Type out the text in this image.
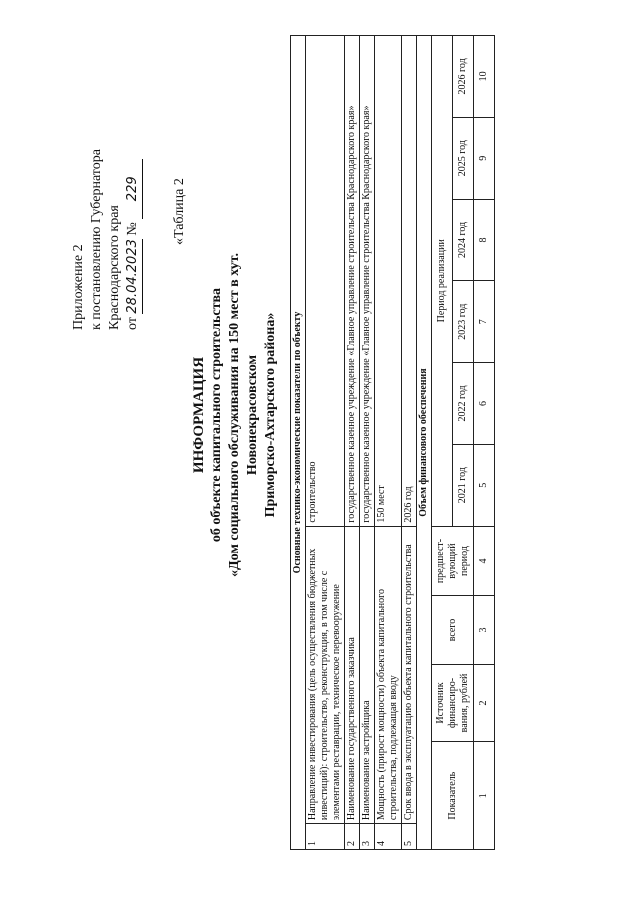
Приложение 2 к постановлению Губернатора Краснодарского края от 28.04.2023 № 229 «Таблица 2
ИНФОРМАЦИЯ об объекте капитального строительства «Дом социального обслуживания на 150 мест в хут. Новонекрасовском Приморско-Ахтарского района» Основные технико-экономические показатели по объекту										
1	Направление инвестирования (цель осуществления бюджетных инвестиций): строительство, реконструкция, в том числе с элементами реставрации, техническое перевооружение				строительство					
2	Наименование государственного заказчика				государственное казенное учреждение «Главное управление строительства Краснодарского края»					
3	Наименование застройщика				государственное казенное учреждение «Главное управление строительства Краснодарского края»					
4	Мощность (прирост мощности) объекта капитального строительства, подлежащая вводу				150 мест					
5	Срок ввода в эксплуатацию объекта капитального строительства				2026 год					
Объем финансового обеспечения										
Показатель		Источник финансиро-вания, рублей	всего	предшест-вующий период	Период реализации					
					2021 год	2022 год	2023 год	2024 год	2025 год	2026 год
1		2	3	4	5	6	7	8	9	10
